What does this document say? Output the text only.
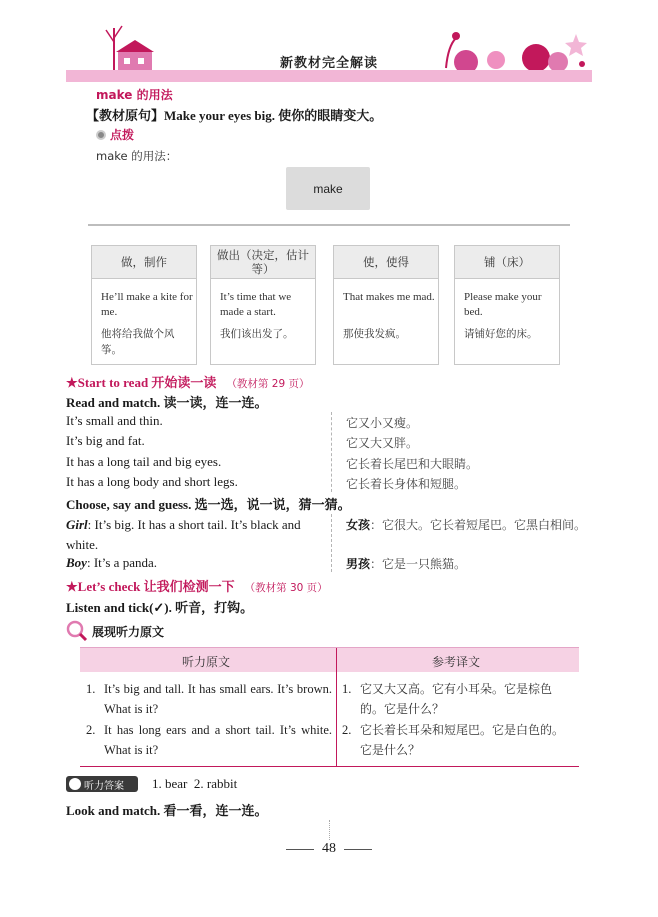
新教材完全解读
make 的用法
【教材原句】Make your eyes big. 使你的眼睛变大。
点拨
make 的用法：
make
做，制作
He’ll make a kite for me.
他将给我做个风筝。
做出（决定，估计等）
It’s time that we made a start.
我们该出发了。
使，使得
That makes me mad.
那使我发疯。
铺（床）
Please make your bed.
请铺好您的床。
★Start to read 开始读一读 （教材第 29 页）
Read and match. 读一读，连一连。
It’s small and thin.	它又小又瘦。
It’s big and fat.	它又大又胖。
It has a long tail and big eyes.	它长着长尾巴和大眼睛。
It has a long body and short legs.	它长着长身体和短腿。
Choose, say and guess. 选一选，说一说，猜一猜。
Girl: It’s big. It has a short tail. It’s black and white.
女孩：它很大。它长着短尾巴。它黑白相间。
Boy: It’s a panda.	男孩：它是一只熊猫。
★Let’s check 让我们检测一下 （教材第 30 页）
Listen and tick(✓). 听音，打钩。
展现听力原文
听力原文	参考译文
1. It’s big and tall. It has small ears. It’s brown. What is it?
1. 它又大又高。它有小耳朵。它是棕色的。它是什么？
2. It has long ears and a short tail. It’s white. What is it?
2. 它长着长耳朵和短尾巴。它是白色的。它是什么？
听力答案 1. bear  2. rabbit
Look and match. 看一看，连一连。
48
